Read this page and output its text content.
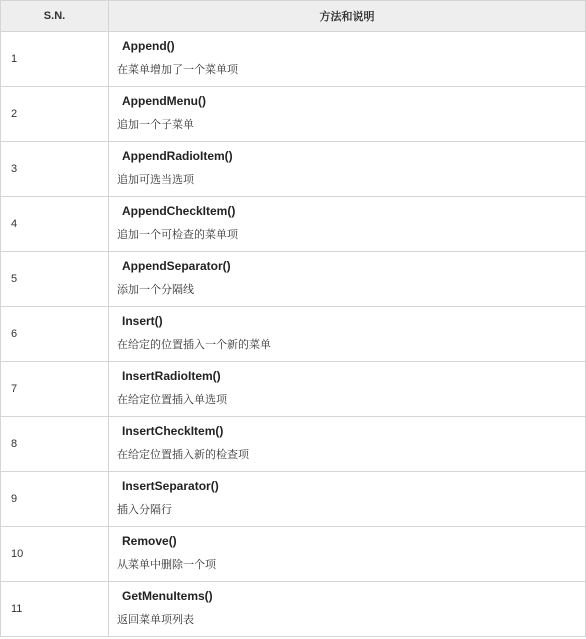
S.N.	方法和说明
1	Append()
在菜单增加了一个菜单项

2	AppendMenu()
追加一个子菜单

3	AppendRadioItem()
追加可选当选项

4	AppendCheckItem()
追加一个可检查的菜单项

5	AppendSeparator()
添加一个分隔线

6	Insert()
在给定的位置插入一个新的菜单

7	InsertRadioItem()
在给定位置插入单选项

8	InsertCheckItem()
在给定位置插入新的检查项

9	InsertSeparator()
插入分隔行

10	Remove()
从菜单中删除一个项

11	GetMenuItems()
返回菜单项列表
